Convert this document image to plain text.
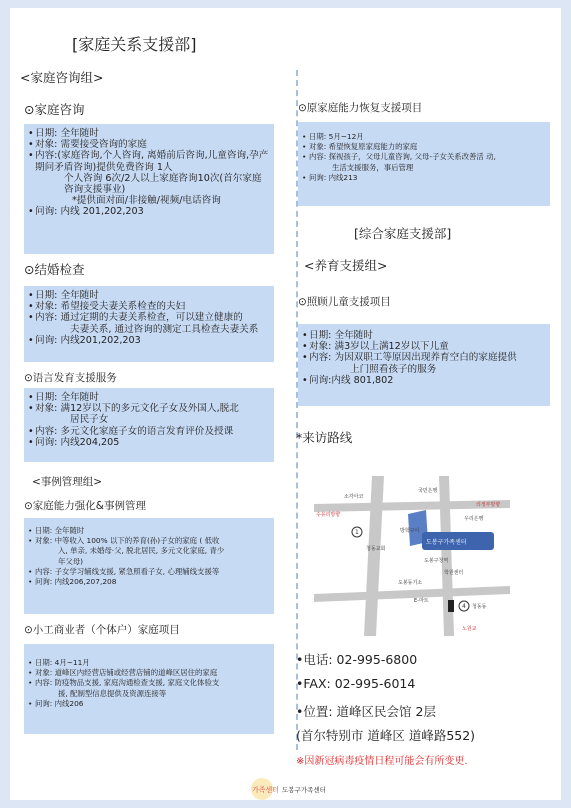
[家庭关系支援部]
<家庭咨询组>
⊙家庭咨询
• 日期: 全年随时
• 对象: 需要接受咨询的家庭
• 内容:(家庭咨询,个人咨询, 离婚前后咨询,儿童咨询,孕产期问矛盾咨询)提供免费咨询 1人
个人咨询 6次/2人以上家庭咨询10次(首尔家庭咨询支援事业)
*提供面对面/非接触/视频/电话咨询
• 问询: 内线 201,202,203
⊙结婚检查
• 日期: 全年随时
• 对象: 希望接受夫妻关系检查的夫妇
• 内容: 通过定期的夫妻关系检查，可以建立健康的
夫妻关系, 通过咨询的测定工具检查夫妻关系
• 问询: 内线201,202,203
⊙语言发育支援服务
• 日期: 全年随时
• 对象: 满12岁以下的多元文化子女及外国人,脱北
居民子女
• 内容: 多元文化家庭子女的语言发育评价及授课
• 问询: 内线204,205
<事例管理组>
⊙家庭能力强化&事例管理
• 日期: 全年随时
• 对象: 中等收入 100% 以下的养育(孙)子女的家庭 ( 低收
入, 单亲, 未婚母·父, 脱北居民, 多元文化家庭, 青少
年父母)
• 内容: 子女学习辅线支援, 紧急照看子女, 心理辅线支援等
• 问询: 内线206,207,208
⊙小工商业者（个体户）家庭项目
• 日期: 4月~11月
• 对象: 道峰区内经营店铺或经营店铺的道峰区居住的家庭
• 内容: 防疫物品支援, 家庭沟通检查支援, 家庭文化体验支
援, 配制型信息提供及资源连接等
• 问询: 内线206
⊙原家庭能力恢复支援项目
• 日期: 5月~12月
• 对象: 希望恢复原家庭能力的家庭
• 内容: 探视孩子，父母儿童咨询, 父母-子女关系改善活 动,
生活支援服务，事后管理
• 问询: 内线213
[综合家庭支援部]
<养育支援组>
⊙照顾儿童支援项目
• 日期: 全年随时
• 对象: 满3岁以上满12岁以下儿童
• 内容: 为因双职工等原因出现养育空白的家庭提供
上门照看孩子的服务
• 问询:内线 801,802
*来访路线
국민은행
소각아코
우리은행
수유리방향
의정부방향
방학구이
청동교회
도봉구가족센터
도봉동기소
도봉구청역
학원센터
E-마트
청동동
노원교
1
4
•电话: 02-995-6800
•FAX: 02-995-6014
•位置: 道峰区民会馆 2层
(首尔特别市 道峰区 道峰路552)
※因新冠病毒疫情日程可能会有所变更.
가족센터 도봉구가족센터
